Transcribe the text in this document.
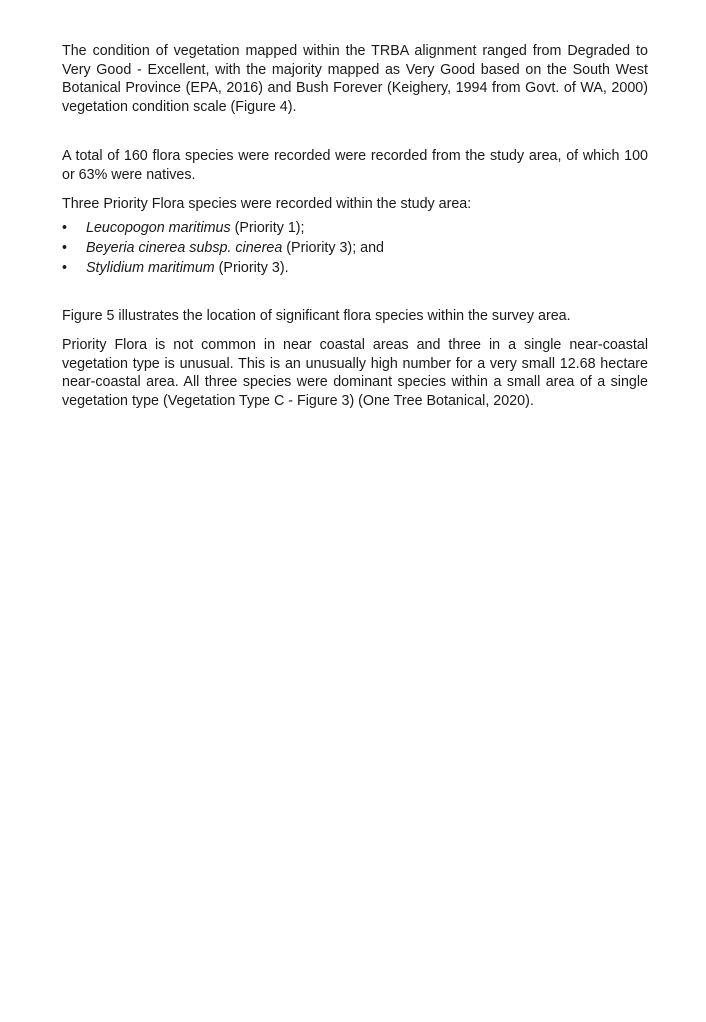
The condition of vegetation mapped within the TRBA alignment ranged from Degraded to Very Good - Excellent, with the majority mapped as Very Good based on the South West Botanical Province (EPA, 2016) and Bush Forever (Keighery, 1994 from Govt. of WA, 2000) vegetation condition scale (Figure 4).

A total of 160 flora species were recorded were recorded from the study area, of which 100 or 63% were natives.

Three Priority Flora species were recorded within the study area:

• Leucopogon maritimus (Priority 1);
• Beyeria cinerea subsp. cinerea (Priority 3); and
• Stylidium maritimum (Priority 3).

Figure 5 illustrates the location of significant flora species within the survey area.

Priority Flora is not common in near coastal areas and three in a single near-coastal vegetation type is unusual. This is an unusually high number for a very small 12.68 hectare near-coastal area. All three species were dominant species within a small area of a single vegetation type (Vegetation Type C - Figure 3) (One Tree Botanical, 2020).
